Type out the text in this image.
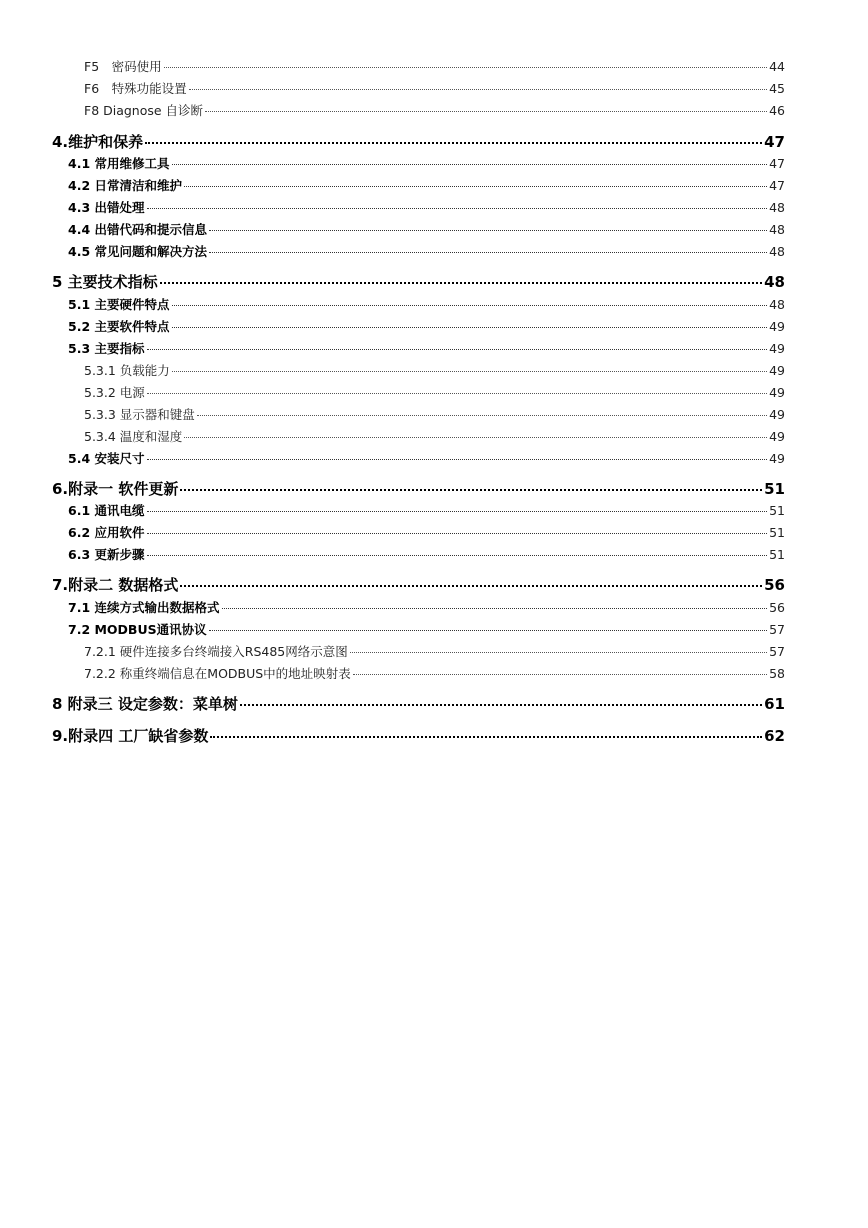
F5　密码使用	44
F6　特殊功能设置	45
F8 Diagnose 自诊断	46
4.维护和保养	47
4.1 常用维修工具	47
4.2 日常清洁和维护	47
4.3 出错处理	48
4.4 出错代码和提示信息	48
4.5 常见问题和解决方法	48
5 主要技术指标	48
5.1 主要硬件特点	48
5.2 主要软件特点	49
5.3 主要指标	49
5.3.1 负载能力	49
5.3.2 电源	49
5.3.3 显示器和键盘	49
5.3.4 温度和湿度	49
5.4 安装尺寸	49
6.附录一 软件更新	51
6.1 通讯电缆	51
6.2 应用软件	51
6.3 更新步骤	51
7.附录二 数据格式	56
7.1 连续方式输出数据格式	56
7.2 MODBUS通讯协议	57
7.2.1 硬件连接多台终端接入RS485网络示意图	57
7.2.2 称重终端信息在MODBUS中的地址映射表	58
8 附录三 设定参数：菜单树	61
9.附录四 工厂缺省参数	62
